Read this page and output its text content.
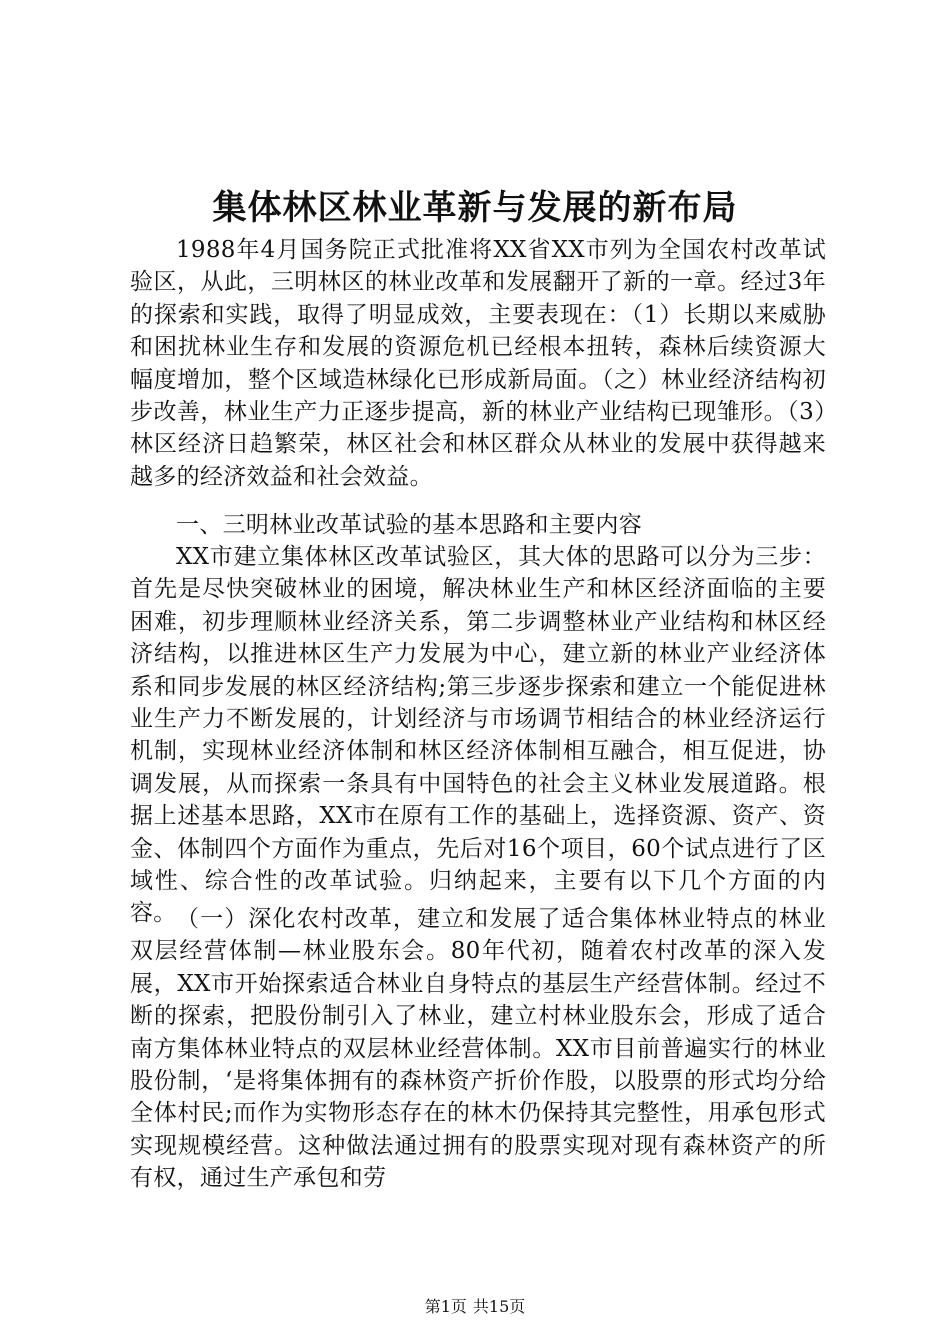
集体林区林业革新与发展的新布局

1988年4月国务院正式批准将XX省XX市列为全国农村改革试验区，从此，三明林区的林业改革和发展翻开了新的一章。经过3年的探索和实践，取得了明显成效，主要表现在：（1）长期以来威胁和困扰林业生存和发展的资源危机已经根本扭转，森林后续资源大幅度增加，整个区域造林绿化已形成新局面。（之）林业经济结构初步改善，林业生产力正逐步提高，新的林业产业结构已现雏形。（3）林区经济日趋繁荣，林区社会和林区群众从林业的发展中获得越来越多的经济效益和社会效益。

一、三明林业改革试验的基本思路和主要内容

XX市建立集体林区改革试验区，其大体的思路可以分为三步：首先是尽快突破林业的困境，解决林业生产和林区经济面临的主要困难，初步理顺林业经济关系，第二步调整林业产业结构和林区经济结构，以推进林区生产力发展为中心，建立新的林业产业经济体系和同步发展的林区经济结构;第三步逐步探索和建立一个能促进林业生产力不断发展的，计划经济与市场调节相结合的林业经济运行机制，实现林业经济体制和林区经济体制相互融合，相互促进，协调发展，从而探索一条具有中国特色的社会主义林业发展道路。根据上述基本思路，XX市在原有工作的基础上，选择资源、资产、资金、体制四个方面作为重点，先后对16个项目，60个试点进行了区域性、综合性的改革试验。归纳起来，主要有以下几个方面的内容。 （一）深化农村改革，建立和发展了适合集体林业特点的林业双层经营体制—林业股东会。80年代初，随着农村改革的深入发展，XX市开始探索适合林业自身特点的基层生产经营体制。经过不断的探索，把股份制引入了林业，建立村林业股东会，形成了适合南方集体林业特点的双层林业经营体制。XX市目前普遍实行的林业股份制，‘是将集体拥有的森林资产折价作股，以股票的形式均分给全体村民;而作为实物形态存在的林木仍保持其完整性，用承包形式实现规模经营。这种做法通过拥有的股票实现对现有森林资产的所有权，通过生产承包和劳

第1页 共15页
